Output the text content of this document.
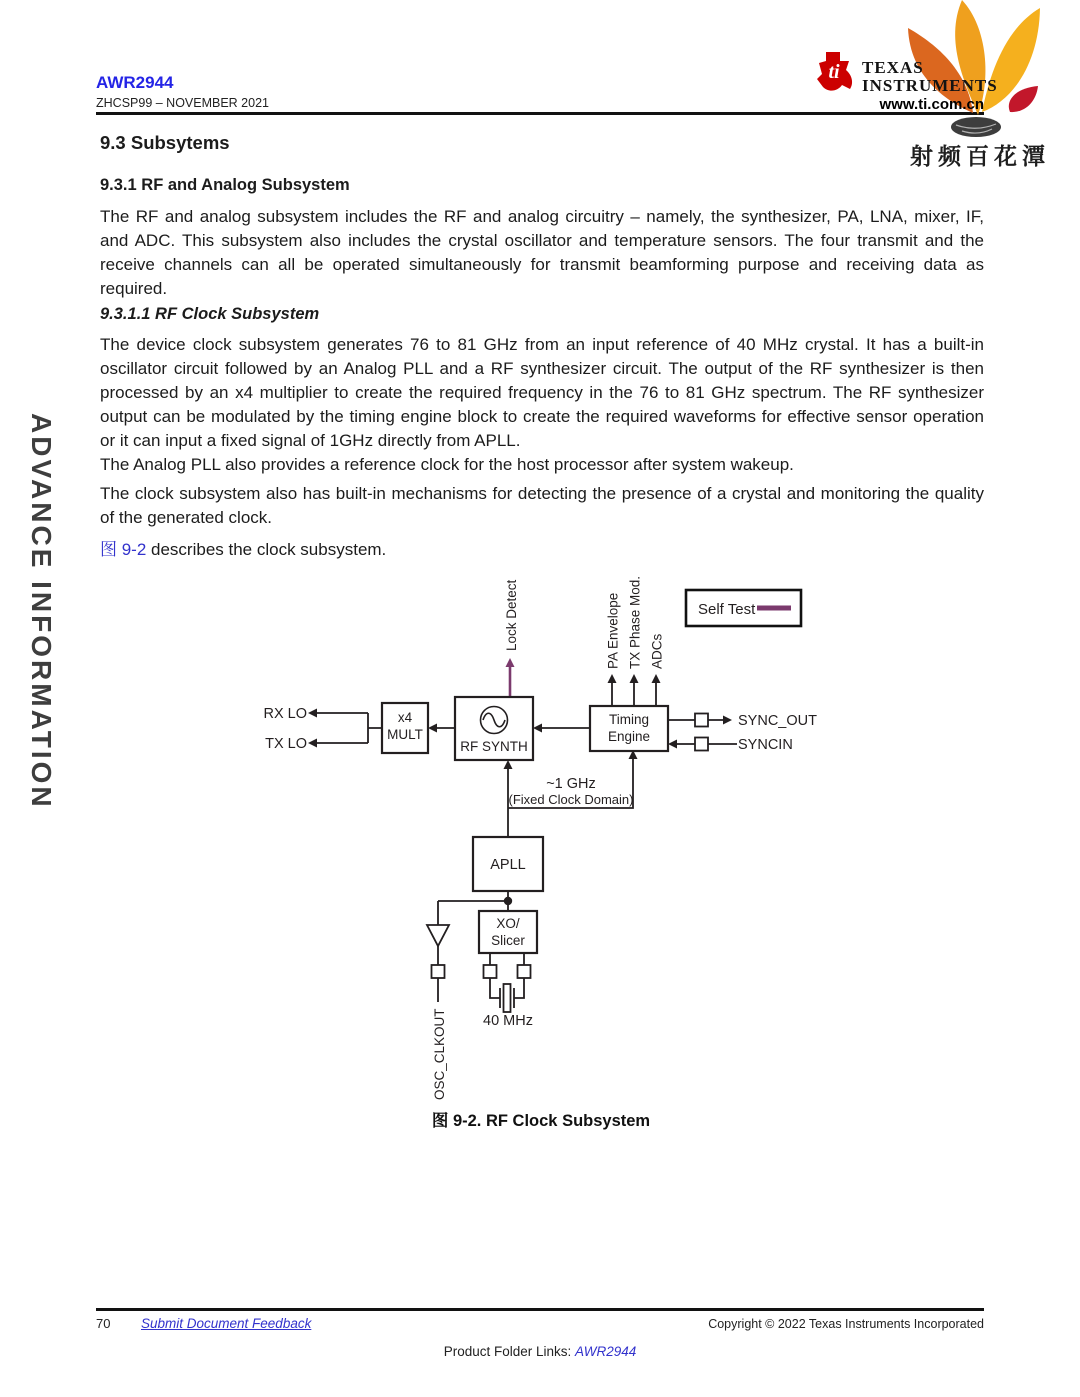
ADVANCE INFORMATION
AWR2944
ZHCSP99 – NOVEMBER 2021
射频百花潭
ti TEXAS
INSTRUMENTS
www.ti.com.cn
9.3 Subsytems
9.3.1 RF and Analog Subsystem
The RF and analog subsystem includes the RF and analog circuitry – namely, the synthesizer, PA, LNA, mixer, IF, and ADC. This subsystem also includes the crystal oscillator and temperature sensors. The four transmit and the receive channels can all be operated simultaneously for transmit beamforming purpose and receiving data as required.
9.3.1.1 RF Clock Subsystem
The device clock subsystem generates 76 to 81 GHz from an input reference of 40 MHz crystal. It has a built-in oscillator circuit followed by an Analog PLL and a RF synthesizer circuit. The output of the RF synthesizer is then processed by an x4 multiplier to create the required frequency in the 76 to 81 GHz spectrum. The RF synthesizer output can be modulated by the timing engine block to create the required waveforms for effective sensor operation or it can input a fixed signal of 1GHz directly from APLL.
The Analog PLL also provides a reference clock for the host processor after system wakeup.
The clock subsystem also has built-in mechanisms for detecting the presence of a crystal and monitoring the quality of the generated clock.
图 9-2 describes the clock subsystem.
Self Test
x4
MULT
RF SYNTH
Timing
Engine
APLL
XO/
Slicer
RX LO
TX LO
SYNC_OUT
SYNCIN
~1 GHz
(Fixed Clock Domain)
40 MHz
Lock Detect	PA Envelope TX Phase Mod. ADCs
OSC_CLKOUT
图 9-2. RF Clock Subsystem
70 Submit Document Feedback	Copyright © 2022 Texas Instruments Incorporated
Product Folder Links: AWR2944
